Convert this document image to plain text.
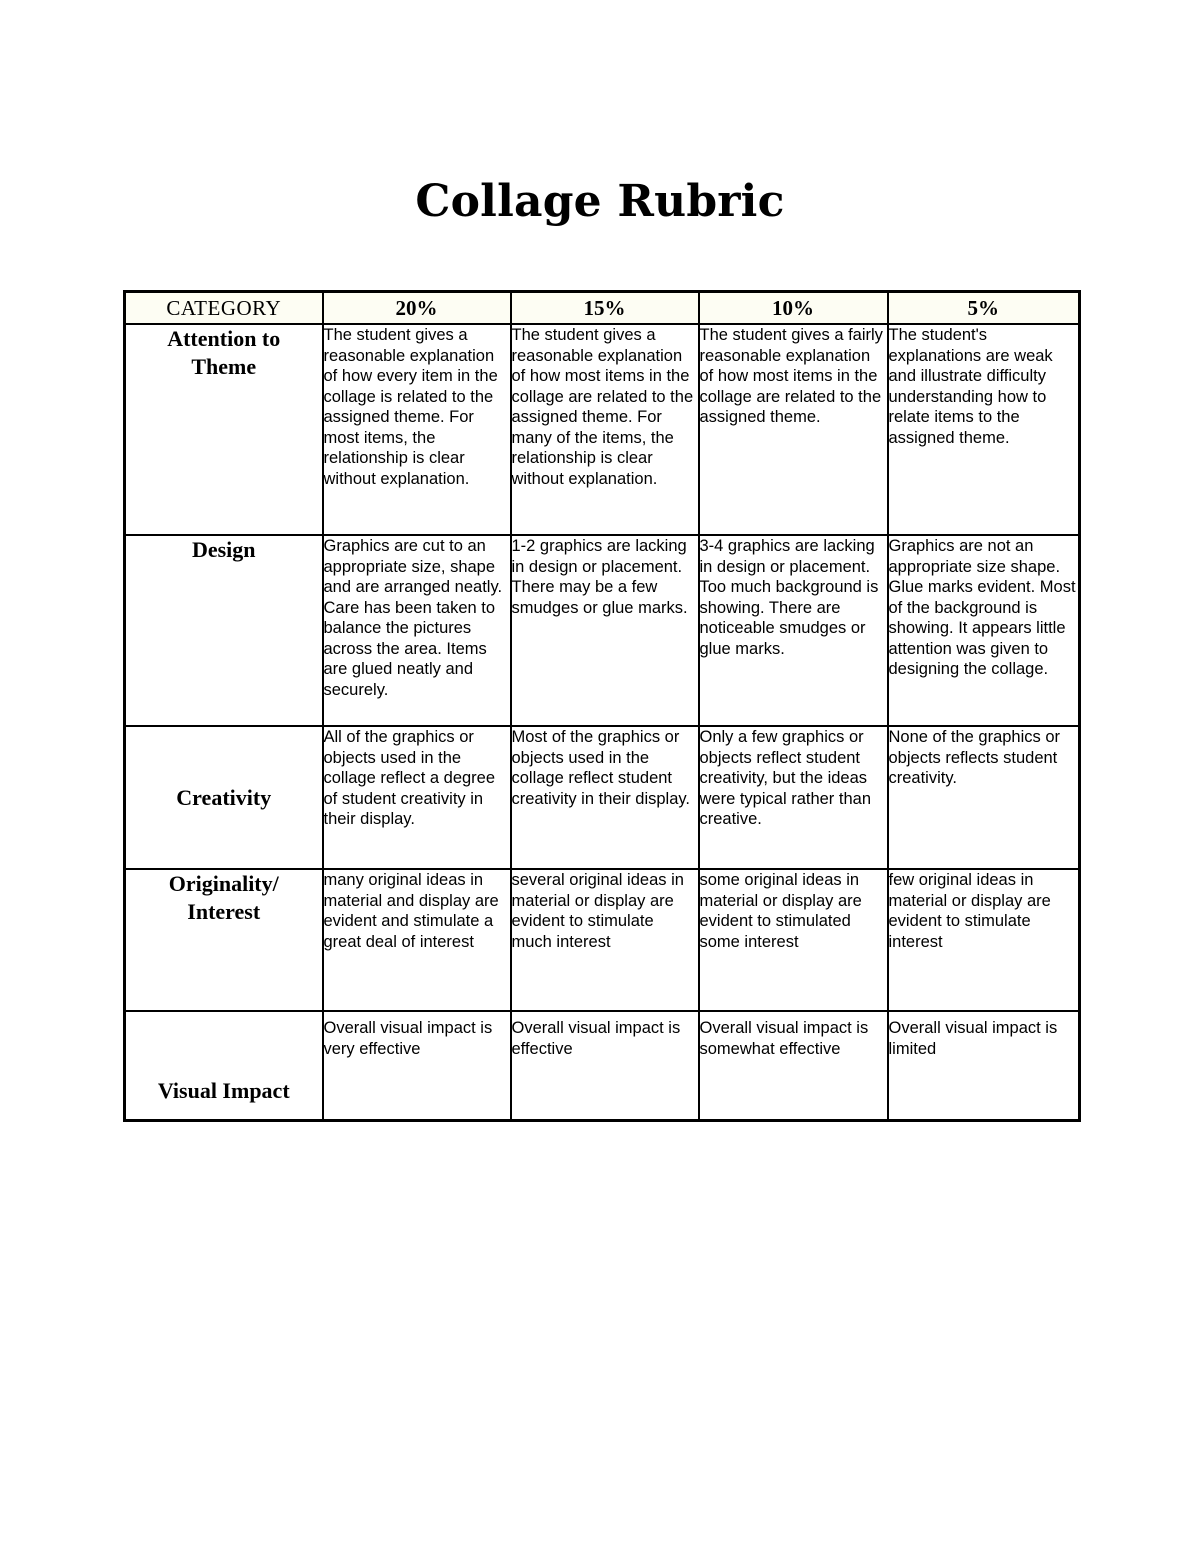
Collage Rubric
CATEGORY	20%	15%	10%	5%
Attention to
Theme	The student gives a reasonable explanation of how every item in the collage is related to the assigned theme. For most items, the relationship is clear without explanation.	The student gives a reasonable explanation of how most items in the collage are related to the assigned theme. For many of the items, the relationship is clear without explanation.	The student gives a fairly reasonable explanation of how most items in the collage are related to the assigned theme.	The student's explanations are weak and illustrate difficulty understanding how to relate items to the assigned theme.
Design	Graphics are cut to an appropriate size, shape and are arranged neatly. Care has been taken to balance the pictures across the area. Items are glued neatly and securely.	1-2 graphics are lacking in design or placement. There may be a few smudges or glue marks.	3-4 graphics are lacking in design or placement. Too much background is showing. There are noticeable smudges or glue marks.	Graphics are not an appropriate size shape. Glue marks evident. Most of the background is showing. It appears little attention was given to designing the collage.
Creativity	All of the graphics or objects used in the collage reflect a degree of student creativity in their display.	Most of the graphics or objects used in the collage reflect student creativity in their display.	Only a few graphics or objects reflect student creativity, but the ideas were typical rather than creative.	None of the graphics or objects reflects student creativity.
Originality/
Interest	many original ideas in material and display are evident and stimulate a great deal of interest	several original ideas in material or display are evident to stimulate much interest	some original ideas in material or display are evident to stimulated some interest	few original ideas in material or display are evident to stimulate interest
Visual Impact	Overall visual impact is very effective	Overall visual impact is effective	Overall visual impact is somewhat effective	Overall visual impact is limited
